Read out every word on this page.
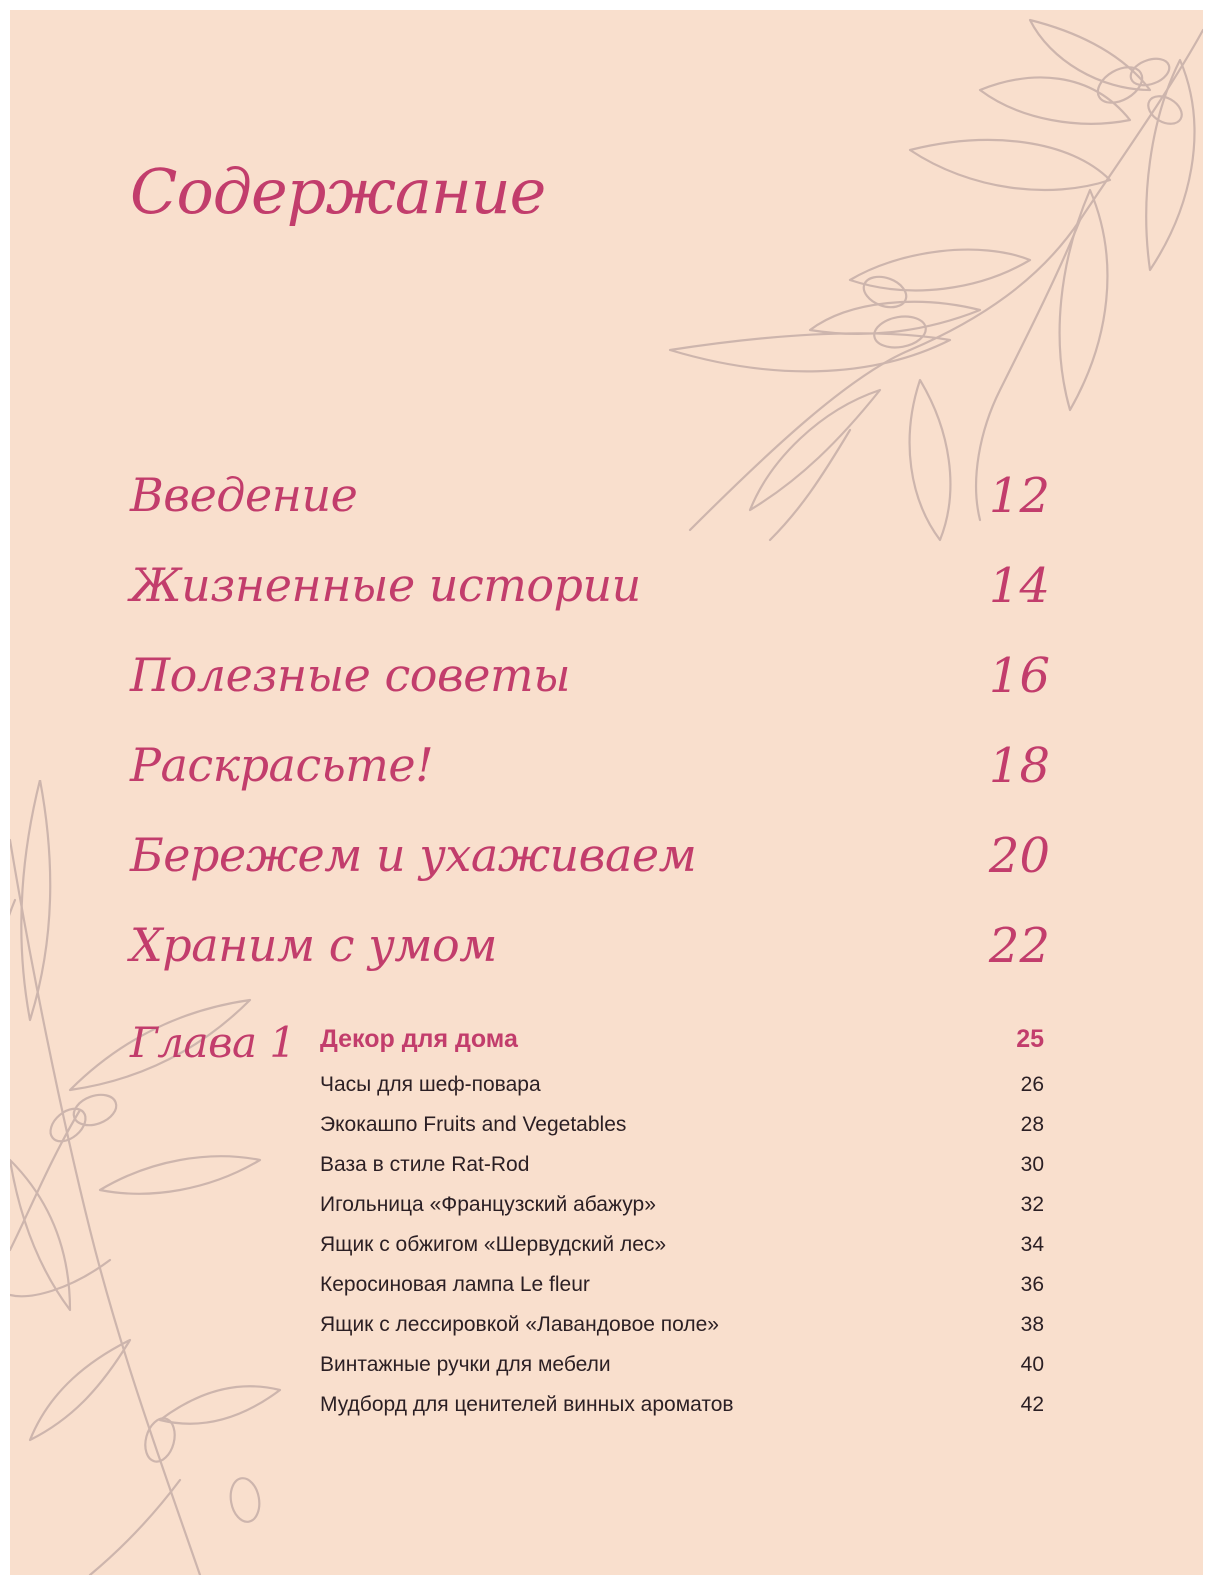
Содержание
Введение	12
Жизненные истории	14
Полезные советы	16
Раскрасьте!	18
Бережем и ухаживаем	20
Храним с умом	22
Глава 1 Декор для дома	25
Часы для шеф-повара	26
Экокашпо Fruits and Vegetables	28
Ваза в стиле Rat-Rod	30
Игольница «Французский абажур»	32
Ящик с обжигом «Шервудский лес»	34
Керосиновая лампа Le fleur	36
Ящик с лессировкой «Лавандовое поле»	38
Винтажные ручки для мебели	40
Мудборд для ценителей винных ароматов	42
